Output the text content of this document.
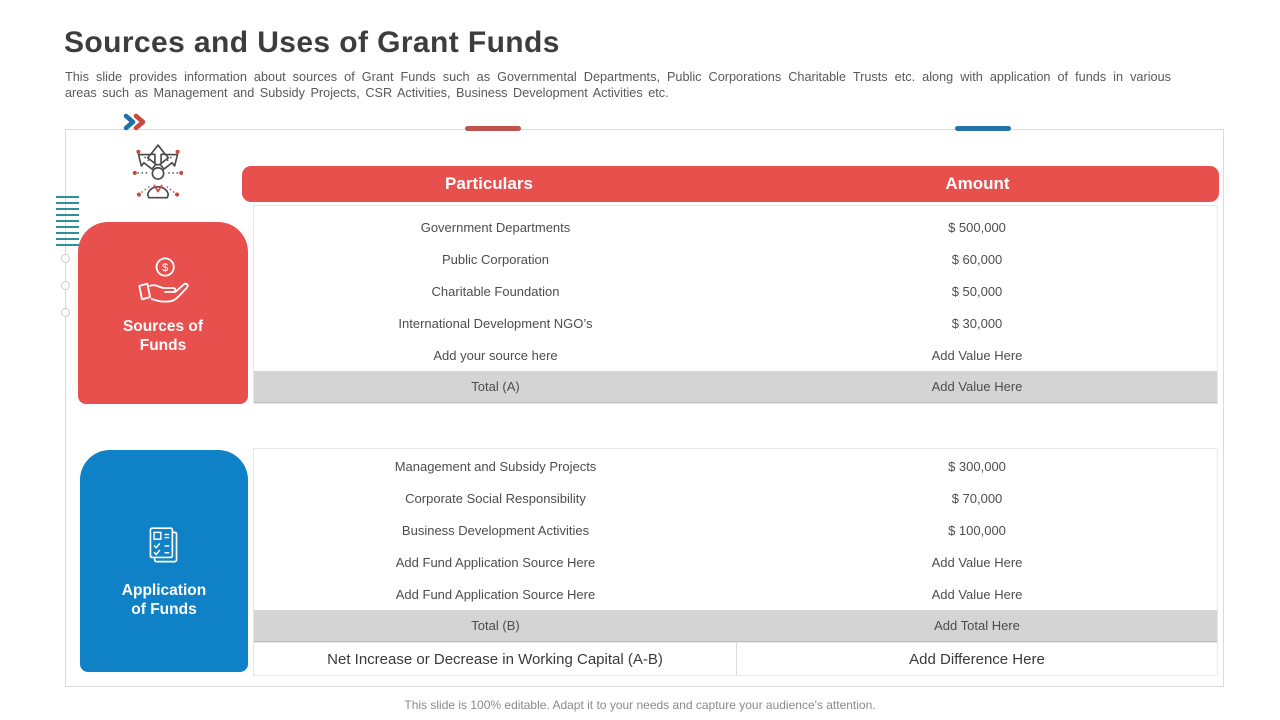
Sources and Uses of Grant Funds
This slide provides information about sources of Grant Funds such as Governmental Departments, Public Corporations Charitable Trusts etc. along with application of funds in various areas such as Management and Subsidy Projects, CSR Activities, Business Development Activities etc.
$
Sources of
Funds
Application
of Funds
Particulars	Amount
Government Departments	$ 500,000
Public Corporation	$ 60,000
Charitable Foundation	$ 50,000
International Development NGO’s	$ 30,000
Add your source here	Add Value Here
Total (A)	Add Value Here
Management and Subsidy Projects	$ 300,000
Corporate Social Responsibility	$ 70,000
Business Development Activities	$ 100,000
Add Fund Application Source Here	Add Value Here
Add Fund Application Source Here	Add Value Here
Total (B)	Add Total Here
Net Increase or Decrease in Working Capital (A-B)	Add Difference Here
This slide is 100% editable. Adapt it to your needs and capture your audience's attention.
